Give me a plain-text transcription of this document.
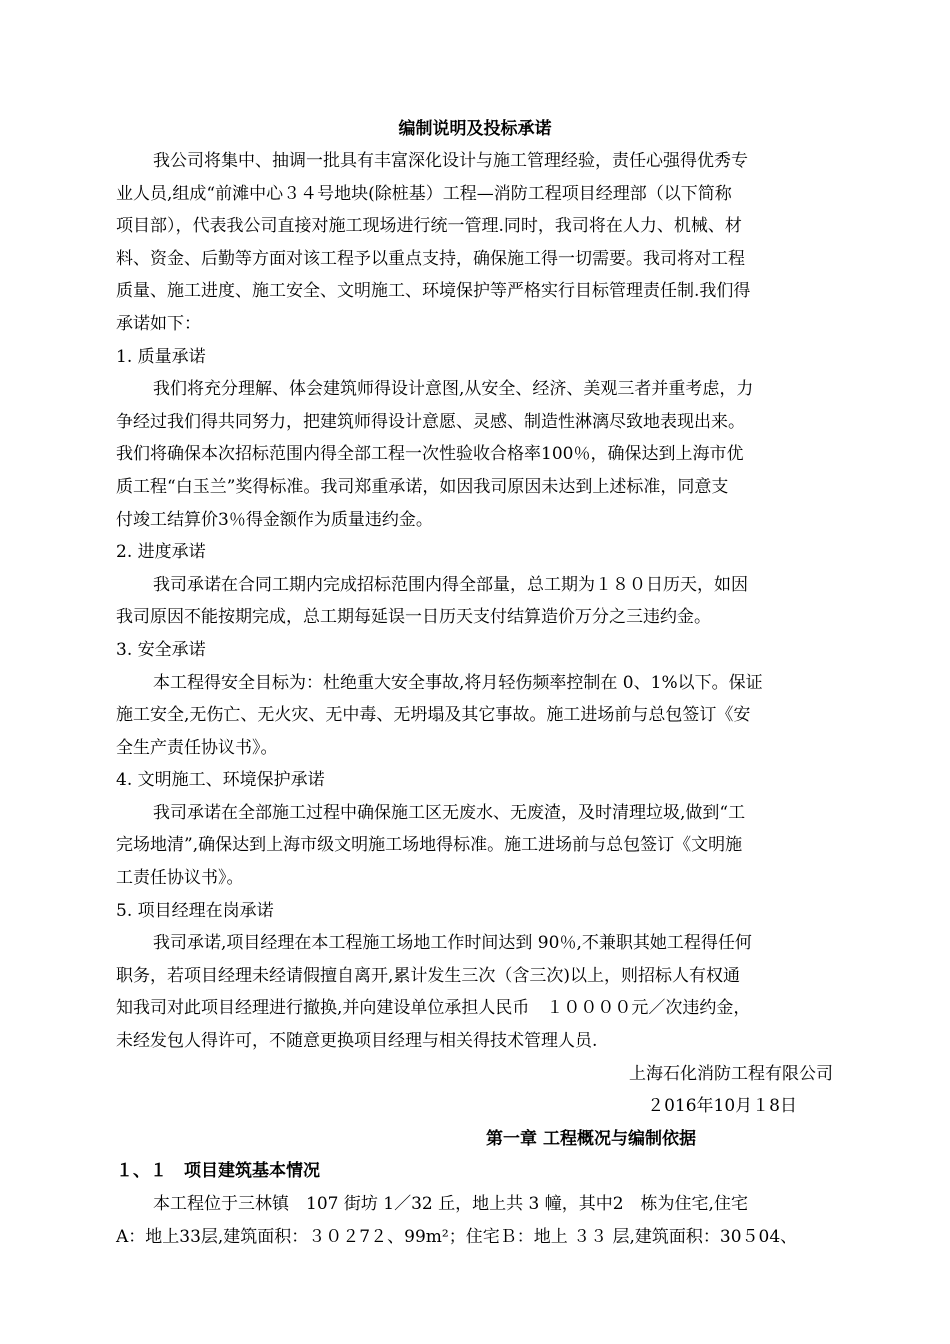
编制说明及投标承诺

我公司将集中、抽调一批具有丰富深化设计与施工管理经验，责任心强得优秀专

业人员,组成“前滩中心３４号地块(除桩基）工程—消防工程项目经理部（以下简称

项目部），代表我公司直接对施工现场进行统一管理.同时，我司将在人力、机械、材

料、资金、后勤等方面对该工程予以重点支持，确保施工得一切需要。我司将对工程

质量、施工进度、施工安全、文明施工、环境保护等严格实行目标管理责任制.我们得

承诺如下：

1. 质量承诺

我们将充分理解、体会建筑师得设计意图,从安全、经济、美观三者并重考虑，力

争经过我们得共同努力，把建筑师得设计意愿、灵感、制造性淋漓尽致地表现出来。

我们将确保本次招标范围内得全部工程一次性验收合格率100％，确保达到上海市优

质工程“白玉兰”奖得标准。我司郑重承诺，如因我司原因未达到上述标准，同意支

付竣工结算价3％得金额作为质量违约金。

2. 进度承诺

我司承诺在合同工期内完成招标范围内得全部量，总工期为１８０日历天，如因

我司原因不能按期完成，总工期每延误一日历天支付结算造价万分之三违约金。

3. 安全承诺

本工程得安全目标为：杜绝重大安全事故,将月轻伤频率控制在 0、1%以下。保证

施工安全,无伤亡、无火灾、无中毒、无坍塌及其它事故。施工进场前与总包签订《安

全生产责任协议书》。

4. 文明施工、环境保护承诺

我司承诺在全部施工过程中确保施工区无废水、无废渣，及时清理垃圾,做到“工

完场地清”,确保达到上海市级文明施工场地得标准。施工进场前与总包签订《文明施

工责任协议书》。

5. 项目经理在岗承诺

我司承诺,项目经理在本工程施工场地工作时间达到 90％,不兼职其她工程得任何

职务，若项目经理未经请假擅自离开,累计发生三次（含三次)以上，则招标人有权通

知我司对此项目经理进行撤换,并向建设单位承担人民币　１００００元／次违约金，

未经发包人得许可，不随意更换项目经理与相关得技术管理人员.

上海石化消防工程有限公司

２016年10月１8日

第一章 工程概况与编制依据

１、１　项目建筑基本情况

本工程位于三林镇　107 街坊 1／32 丘，地上共 3 幢，其中2　栋为住宅,住宅

A：地上33层,建筑面积：３０２7２、99m²；住宅Ｂ：地上 ３３ 层,建筑面积：30５04、
